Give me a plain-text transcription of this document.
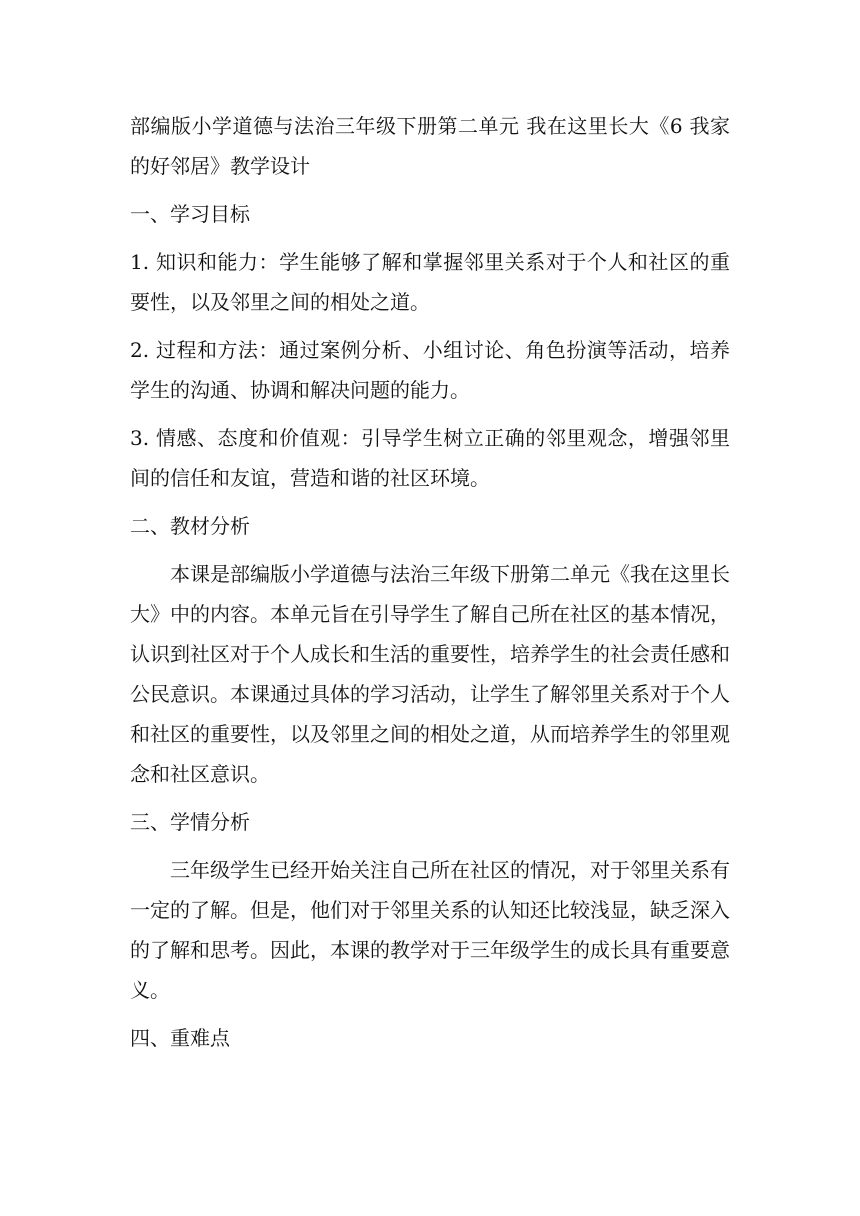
部编版小学道德与法治三年级下册第二单元 我在这里长大《6 我家的好邻居》教学设计

一、学习目标

1. 知识和能力：学生能够了解和掌握邻里关系对于个人和社区的重要性，以及邻里之间的相处之道。

2. 过程和方法：通过案例分析、小组讨论、角色扮演等活动，培养学生的沟通、协调和解决问题的能力。

3. 情感、态度和价值观：引导学生树立正确的邻里观念，增强邻里间的信任和友谊，营造和谐的社区环境。

二、教材分析

本课是部编版小学道德与法治三年级下册第二单元《我在这里长大》中的内容。本单元旨在引导学生了解自己所在社区的基本情况，认识到社区对于个人成长和生活的重要性，培养学生的社会责任感和公民意识。本课通过具体的学习活动，让学生了解邻里关系对于个人和社区的重要性，以及邻里之间的相处之道，从而培养学生的邻里观念和社区意识。

三、学情分析

三年级学生已经开始关注自己所在社区的情况，对于邻里关系有一定的了解。但是，他们对于邻里关系的认知还比较浅显，缺乏深入的了解和思考。因此，本课的教学对于三年级学生的成长具有重要意义。

四、重难点
